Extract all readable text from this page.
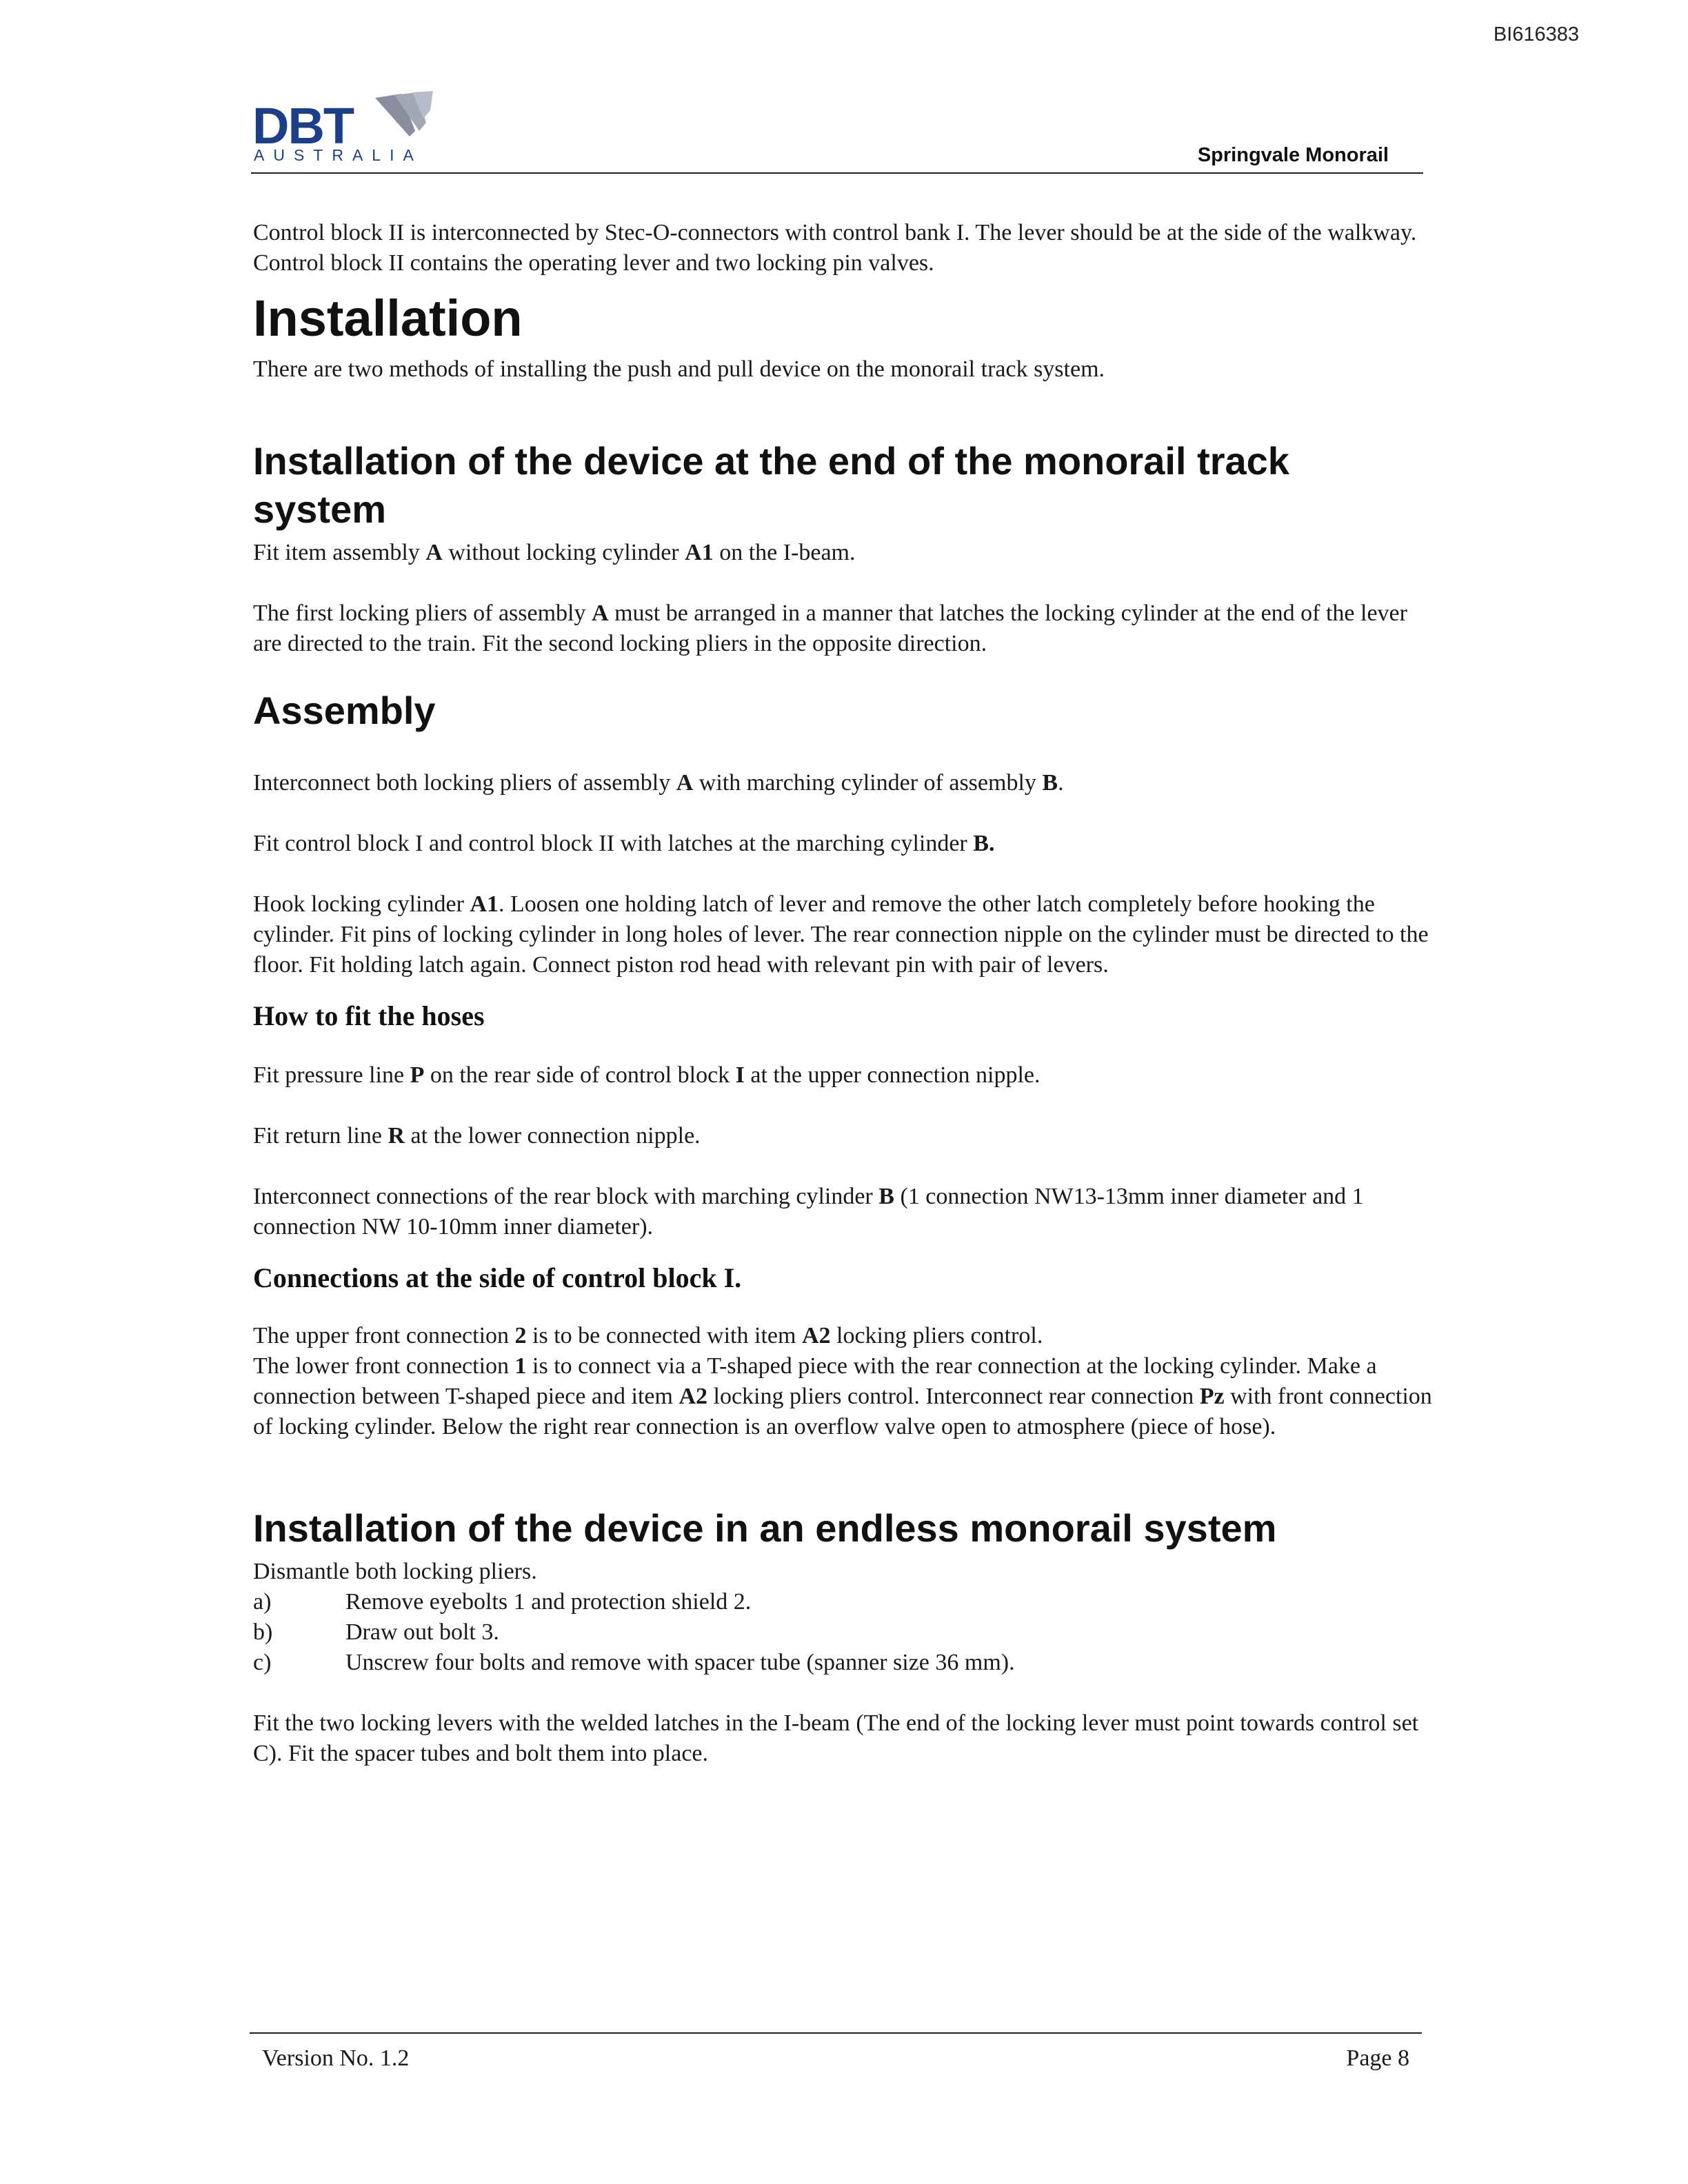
BI616383
DBT
AUSTRALIA	Springvale Monorail

Control block II is interconnected by Stec-O-connectors with control bank I. The lever should be at the side of the walkway.

Control block II contains the operating lever and two locking pin valves.

Installation

There are two methods of installing the push and pull device on the monorail track system.

Installation of the device at the end of the monorail track system

Fit item assembly A without locking cylinder A1 on the I-beam.

The first locking pliers of assembly A must be arranged in a manner that latches the locking cylinder at the end of the lever are directed to the train. Fit the second locking pliers in the opposite direction.

Assembly

Interconnect both locking pliers of assembly A with marching cylinder of assembly B.

Fit control block I and control block II with latches at the marching cylinder B.

Hook locking cylinder A1. Loosen one holding latch of lever and remove the other latch completely before hooking the cylinder. Fit pins of locking cylinder in long holes of lever. The rear connection nipple on the cylinder must be directed to the floor. Fit holding latch again. Connect piston rod head with relevant pin with pair of levers.

How to fit the hoses

Fit pressure line P on the rear side of control block I at the upper connection nipple.

Fit return line R at the lower connection nipple.

Interconnect connections of the rear block with marching cylinder B (1 connection NW13-13mm inner diameter and 1 connection NW 10-10mm inner diameter).

Connections at the side of control block I.

The upper front connection 2 is to be connected with item A2 locking pliers control.

The lower front connection 1 is to connect via a T-shaped piece with the rear connection at the locking cylinder. Make a connection between T-shaped piece and item A2 locking pliers control. Interconnect rear connection Pz with front connection of locking cylinder. Below the right rear connection is an overflow valve open to atmosphere (piece of hose).

Installation of the device in an endless monorail system

Dismantle both locking pliers.

a)	Remove eyebolts 1 and protection shield 2.
b)	Draw out bolt 3.
c)	Unscrew four bolts and remove with spacer tube (spanner size 36 mm).

Fit the two locking levers with the welded latches in the I-beam (The end of the locking lever must point towards control set C). Fit the spacer tubes and bolt them into place.

Version No. 1.2	Page 8
